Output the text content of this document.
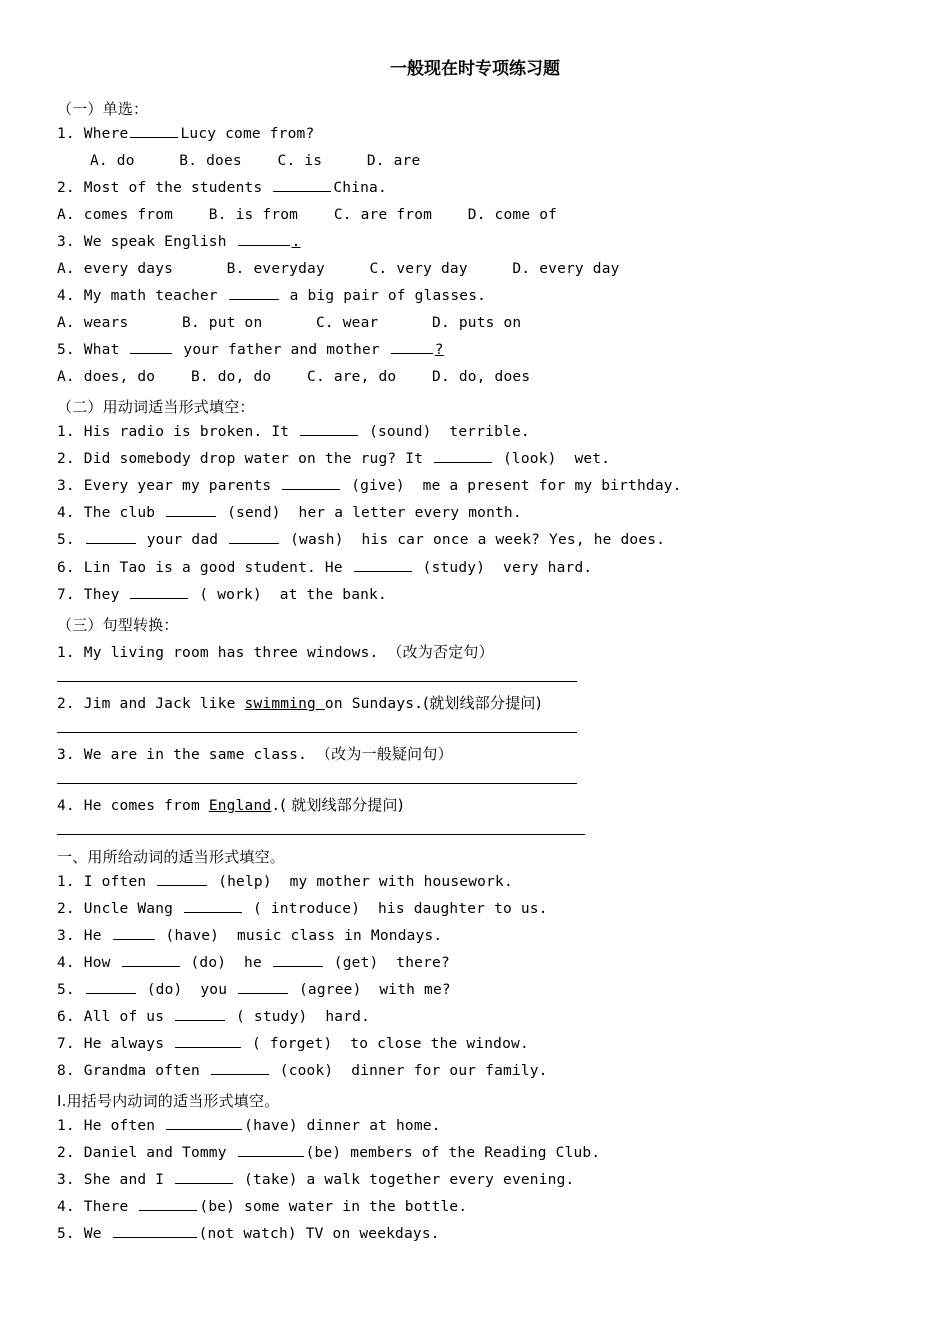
一般现在时专项练习题
（一）单选：
1. Where	Lucy come from?
A. do     B. does    C. is     D. are
2. Most of the students	China.
A. comes from    B. is from    C. are from    D. come of
3. We speak English	.
A. every days      B. everyday     C. very day     D. every day
4. My math teacher	a big pair of glasses.
A. wears      B. put on      C. wear      D. puts on
5. What	your father and mother	?
A. does, do    B. do, do    C. are, do    D. do, does
（二）用动词适当形式填空：
1. His radio is broken. It	(sound)  terrible.
2. Did somebody drop water on the rug? It	(look)  wet.
3. Every year my parents	(give)  me a present for my birthday.
4. The club	(send)  her a letter every month.
5.	your dad	(wash)  his car once a week? Yes, he does.
6. Lin Tao is a good student. He	(study)  very hard.
7. They	( work)  at the bank.
（三）句型转换：
1. My living room has three windows. （改为否定句）
2. Jim and Jack like swimming on Sundays.(就划线部分提问)
3. We are in the same class. （改为一般疑问句）
4. He comes from England.( 就划线部分提问)
一、用所给动词的适当形式填空。
1. I often	(help)  my mother with housework.
2. Uncle Wang	( introduce)  his daughter to us.
3. He	(have)  music class in Mondays.
4. How	(do)  he	(get)  there?
5.	(do)  you	(agree)  with me?
6. All of us	( study)  hard.
7. He always	( forget)  to close the window.
8. Grandma often	(cook)  dinner for our family.
Ⅰ.用括号内动词的适当形式填空。
1. He often	(have) dinner at home.
2. Daniel and Tommy	(be) members of the Reading Club.
3. She and I	(take) a walk together every evening.
4. There	(be) some water in the bottle.
5. We	(not watch) TV on weekdays.
